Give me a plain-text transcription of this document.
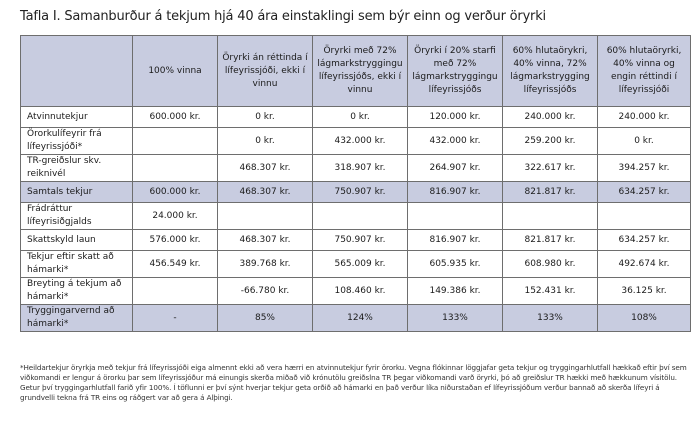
Tafla I. Samanburður á tekjum hjá 40 ára einstaklingi sem býr einn og verður öryrki
	100% vinna	Öryrki án réttinda í lífeyrissjóði, ekki í vinnu	Öryrki með 72% lágmarkstryggingu lífeyrissjóðs, ekki í vinnu	Öryrki í 20% starfi með 72% lágmarkstryggingu lífeyrissjóðs	60% hlutaörykri, 40% vinna, 72% lágmarkstrygging lífeyrissjóðs	60% hlutaöryrki, 40% vinna og engin réttindi í lífeyrissjóði
Atvinnutekjur	600.000 kr.	0 kr.	0 kr.	120.000 kr.	240.000 kr.	240.000 kr.
Örorkulífeyrir frá lífeyrissjóði*		0 kr.	432.000 kr.	432.000 kr.	259.200 kr.	0 kr.
TR-greiðslur skv. reiknivél		468.307 kr.	318.907 kr.	264.907 kr.	322.617 kr.	394.257 kr.
Samtals tekjur	600.000 kr.	468.307 kr.	750.907 kr.	816.907 kr.	821.817 kr.	634.257 kr.
Frádráttur lífeyrisiðgjalds	24.000 kr.					
Skattskyld laun	576.000 kr.	468.307 kr.	750.907 kr.	816.907 kr.	821.817 kr.	634.257 kr.
Tekjur eftir skatt að hámarki*	456.549 kr.	389.768 kr.	565.009 kr.	605.935 kr.	608.980 kr.	492.674 kr.
Breyting á tekjum að hámarki*		-66.780 kr.	108.460 kr.	149.386 kr.	152.431 kr.	36.125 kr.
Tryggingarvernd að hámarki*	-	85%	124%	133%	133%	108%
*Heildartekjur öryrkja með tekjur frá lífeyrissjóði eiga almennt ekki að vera hærri en atvinnutekjur fyrir örorku. Vegna flókinnar löggjafar geta tekjur og tryggingarhlutfall hækkað eftir því sem viðkomandi er lengur á örorku þar sem lífeyrissjóður má einungis skerða miðað við krónutölu greiðslna TR þegar viðkomandi varð öryrki, þó að greiðslur TR hækki með hækkunum vísitölu. Getur því tryggingarhlutfall farið yfir 100%. Í töflunni er því sýnt hverjar tekjur geta orðið að hámarki en það verður líka niðurstaðan ef lífeyrissjóðum verður bannað að skerða lífeyri á grundvelli tekna frá TR eins og ráðgert var að gera á Alþingi.
